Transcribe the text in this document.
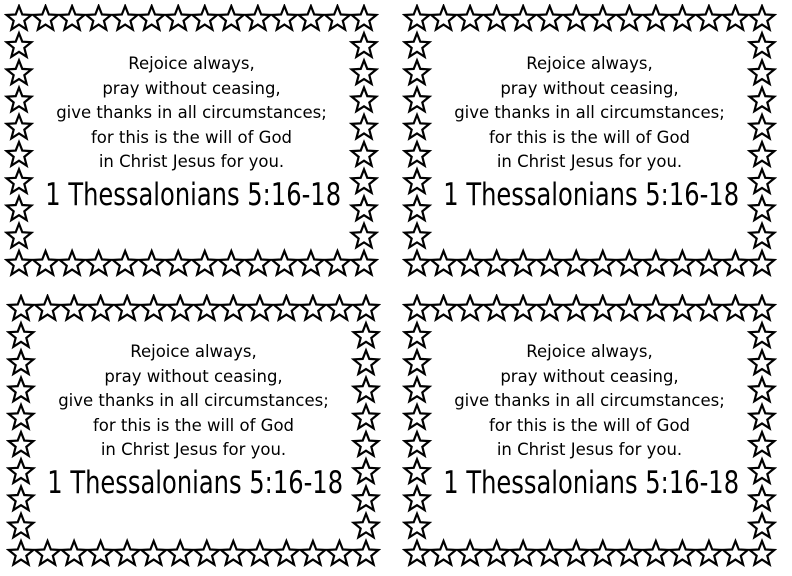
Rejoice always,
pray without ceasing,
give thanks in all circumstances;
for this is the will of God
in Christ Jesus for you.
1 Thessalonians 5:16-18
Rejoice always,
pray without ceasing,
give thanks in all circumstances;
for this is the will of God
in Christ Jesus for you.
1 Thessalonians 5:16-18
Rejoice always,
pray without ceasing,
give thanks in all circumstances;
for this is the will of God
in Christ Jesus for you.
1 Thessalonians 5:16-18
Rejoice always,
pray without ceasing,
give thanks in all circumstances;
for this is the will of God
in Christ Jesus for you.
1 Thessalonians 5:16-18
